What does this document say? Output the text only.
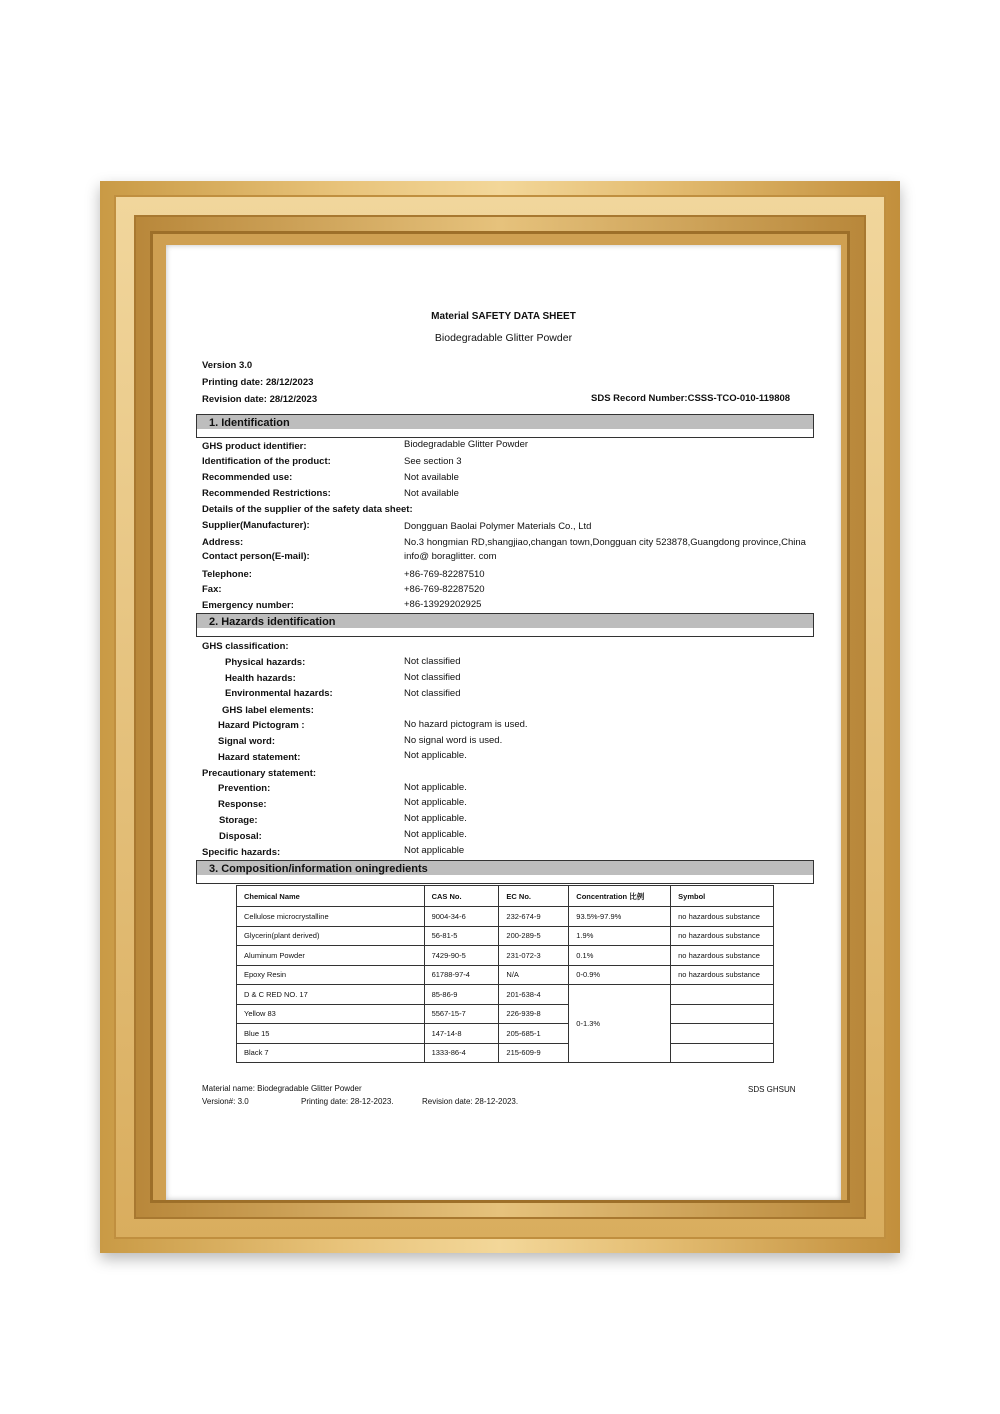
Material SAFETY DATA SHEET
Biodegradable Glitter Powder
Version 3.0
Printing date: 28/12/2023
Revision date: 28/12/2023	SDS Record Number:CSSS-TCO-010-119808
1. Identification
GHS product identifier:	Biodegradable Glitter Powder
Identification of the product:	See section 3
Recommended use:	Not available
Recommended Restrictions:	Not available
Details of the supplier of the safety data sheet:
Supplier(Manufacturer):	Dongguan Baolai Polymer Materials Co., Ltd
Address:	No.3 hongmian RD,shangjiao,changan town,Dongguan city 523878,Guangdong province,China
Contact person(E-mail):	info@ boraglitter. com
Telephone:	+86-769-82287510
Fax:	+86-769-82287520
Emergency number:	+86-13929202925
2. Hazards identification
GHS classification:
Physical hazards:	Not classified
Health hazards:	Not classified
Environmental hazards:	Not classified
GHS label elements:
Hazard Pictogram :	No hazard pictogram is used.
Signal word:	No signal word is used.
Hazard statement:	Not applicable.
Precautionary statement:
Prevention:	Not applicable.
Response:	Not applicable.
Storage:	Not applicable.
Disposal:	Not applicable.
Specific hazards:	Not applicable
3. Composition/information oningredients
Chemical Name	CAS No.	EC No.	Concentration 比例	Symbol
Cellulose microcrystalline	9004-34-6	232-674-9	93.5%-97.9%	no hazardous substance
Glycerin(plant derived)	56-81-5	200-289-5	1.9%	no hazardous substance
Aluminum Powder	7429-90-5	231-072-3	0.1%	no hazardous substance
Epoxy Resin	61788-97-4	N/A	0-0.9%	no hazardous substance
D & C RED NO. 17	85-86-9	201-638-4	0-1.3%	
Yellow 83	5567-15-7	226-939-8		
Blue 15	147-14-8	205-685-1		
Black 7	1333-86-4	215-609-9		
Material name: Biodegradable Glitter Powder	SDS GHSUN
Version#: 3.0	Printing date: 28-12-2023.	Revision date: 28-12-2023.
